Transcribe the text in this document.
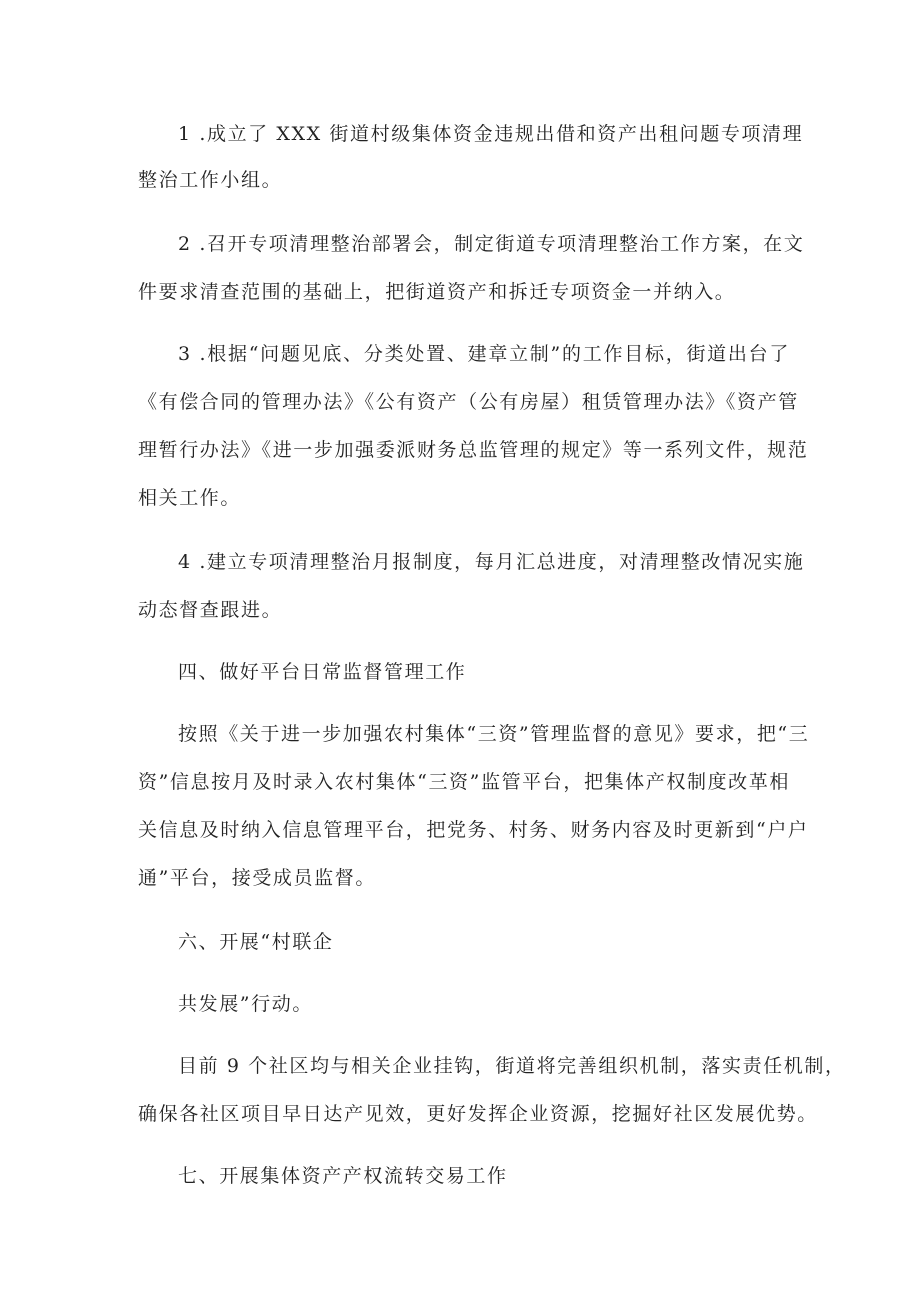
1 .成立了 XXX 街道村级集体资金违规出借和资产出租问题专项清理
整治工作小组。
2 .召开专项清理整治部署会，制定街道专项清理整治工作方案，在文
件要求清查范围的基础上，把街道资产和拆迁专项资金一并纳入。
3 .根据“问题见底、分类处置、建章立制”的工作目标，街道出台了
《有偿合同的管理办法》《公有资产（公有房屋）租赁管理办法》《资产管
理暂行办法》《进一步加强委派财务总监管理的规定》等一系列文件，规范
相关工作。
4 .建立专项清理整治月报制度，每月汇总进度，对清理整改情况实施
动态督查跟进。
四、做好平台日常监督管理工作
按照《关于进一步加强农村集体“三资”管理监督的意见》要求，把“三
资”信息按月及时录入农村集体“三资”监管平台，把集体产权制度改革相
关信息及时纳入信息管理平台，把党务、村务、财务内容及时更新到“户户
通”平台，接受成员监督。
六、开展“村联企
共发展”行动。
目前 9 个社区均与相关企业挂钩，街道将完善组织机制，落实责任机制，
确保各社区项目早日达产见效，更好发挥企业资源，挖掘好社区发展优势。
七、开展集体资产产权流转交易工作
